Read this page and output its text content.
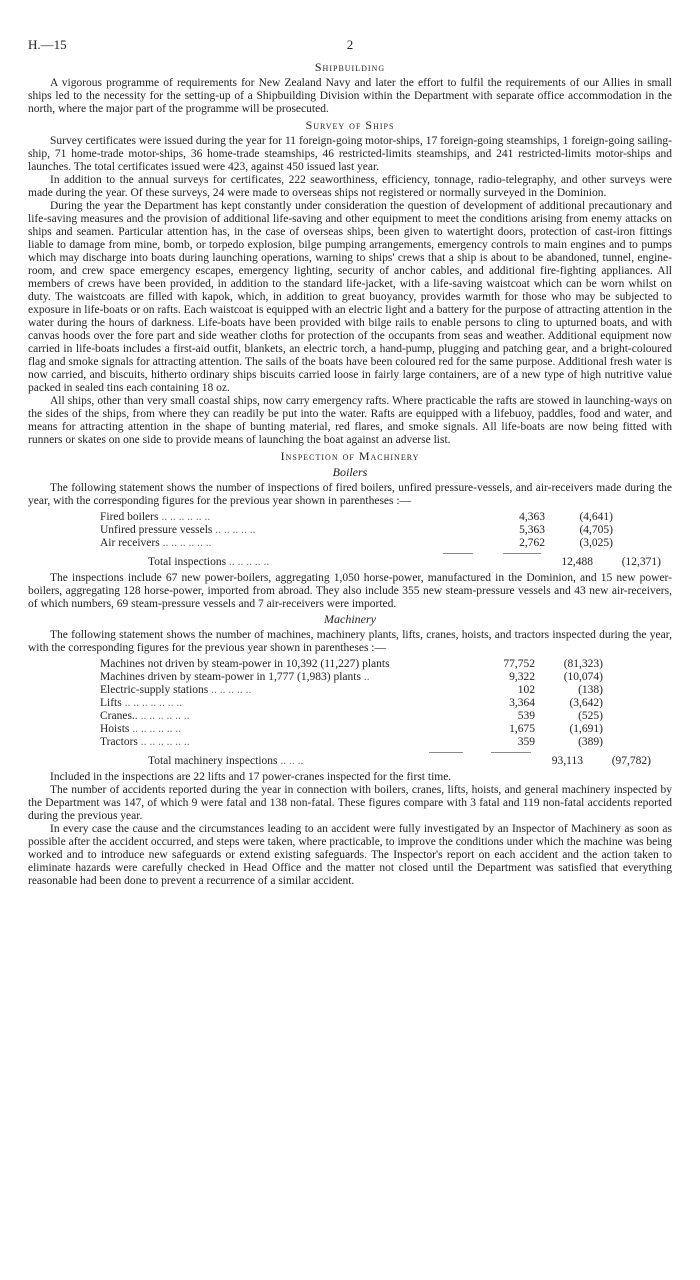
H.—15	2
Shipbuilding

A vigorous programme of requirements for New Zealand Navy and later the effort to fulfil the requirements of our Allies in small ships led to the necessity for the setting-up of a Shipbuilding Division within the Department with separate office accommodation in the north, where the major part of the programme will be prosecuted.

Survey of Ships

Survey certificates were issued during the year for 11 foreign-going motor-ships, 17 foreign-going steamships, 1 foreign-going sailing-ship, 71 home-trade motor-ships, 36 home-trade steamships, 46 restricted-limits steamships, and 241 restricted-limits motor-ships and launches. The total certificates issued were 423, against 450 issued last year.

In addition to the annual surveys for certificates, 222 seaworthiness, efficiency, tonnage, radio-telegraphy, and other surveys were made during the year. Of these surveys, 24 were made to overseas ships not registered or normally surveyed in the Dominion.

During the year the Department has kept constantly under consideration the question of development of additional precautionary and life-saving measures and the provision of additional life-saving and other equipment to meet the conditions arising from enemy attacks on ships and seamen. Particular attention has, in the case of overseas ships, been given to watertight doors, protection of cast-iron fittings liable to damage from mine, bomb, or torpedo explosion, bilge pumping arrangements, emergency controls to main engines and to pumps which may discharge into boats during launching operations, warning to ships' crews that a ship is about to be abandoned, tunnel, engine-room, and crew space emergency escapes, emergency lighting, security of anchor cables, and additional fire-fighting appliances. All members of crews have been provided, in addition to the standard life-jacket, with a life-saving waistcoat which can be worn whilst on duty. The waistcoats are filled with kapok, which, in addition to great buoyancy, provides warmth for those who may be subjected to exposure in life-boats or on rafts. Each waistcoat is equipped with an electric light and a battery for the purpose of attracting attention in the water during the hours of darkness. Life-boats have been provided with bilge rails to enable persons to cling to upturned boats, and with canvas hoods over the fore part and side weather cloths for protection of the occupants from seas and weather. Additional equipment now carried in life-boats includes a first-aid outfit, blankets, an electric torch, a hand-pump, plugging and patching gear, and a bright-coloured flag and smoke signals for attracting attention. The sails of the boats have been coloured red for the same purpose. Additional fresh water is now carried, and biscuits, hitherto ordinary ships biscuits carried loose in fairly large containers, are of a new type of high nutritive value packed in sealed tins each containing 18 oz.

All ships, other than very small coastal ships, now carry emergency rafts. Where practicable the rafts are stowed in launching-ways on the sides of the ships, from where they can readily be put into the water. Rafts are equipped with a lifebuoy, paddles, food and water, and means for attracting attention in the shape of bunting material, red flares, and smoke signals. All life-boats are now being fitted with runners or skates on one side to provide means of launching the boat against an adverse list.

Inspection of Machinery
Boilers

The following statement shows the number of inspections of fired boilers, unfired pressure-vessels, and air-receivers made during the year, with the corresponding figures for the previous year shown in parentheses :—

Fired boilers .. .. .. .. .. ..	4,363	(4,641)
Unfired pressure vessels .. .. .. .. ..	5,363	(4,705)
Air receivers .. .. .. .. .. ..	2,762	(3,025)
Total inspections .. .. .. .. ..	12,488	(12,371)

The inspections include 67 new power-boilers, aggregating 1,050 horse-power, manufactured in the Dominion, and 15 new power-boilers, aggregating 128 horse-power, imported from abroad. They also include 355 new steam-pressure vessels and 43 new air-receivers, of which numbers, 69 steam-pressure vessels and 7 air-receivers were imported.

Machinery

The following statement shows the number of machines, machinery plants, lifts, cranes, hoists, and tractors inspected during the year, with the corresponding figures for the previous year shown in parentheses :—

Machines not driven by steam-power in 10,392 (11,227) plants	77,752	(81,323)
Machines driven by steam-power in 1,777 (1,983) plants ..	9,322	(10,074)
Electric-supply stations .. .. .. .. ..	102	(138)
Lifts .. .. .. .. .. .. ..	3,364	(3,642)
Cranes.. .. .. .. .. .. ..	539	(525)
Hoists .. .. .. .. .. ..	1,675	(1,691)
Tractors .. .. .. .. .. ..	359	(389)
Total machinery inspections .. .. ..	93,113	(97,782)

Included in the inspections are 22 lifts and 17 power-cranes inspected for the first time.

The number of accidents reported during the year in connection with boilers, cranes, lifts, hoists, and general machinery inspected by the Department was 147, of which 9 were fatal and 138 non-fatal. These figures compare with 3 fatal and 119 non-fatal accidents reported during the previous year.

In every case the cause and the circumstances leading to an accident were fully investigated by an Inspector of Machinery as soon as possible after the accident occurred, and steps were taken, where practicable, to improve the conditions under which the machine was being worked and to introduce new safeguards or extend existing safeguards. The Inspector's report on each accident and the action taken to eliminate hazards were carefully checked in Head Office and the matter not closed until the Department was satisfied that everything reasonable had been done to prevent a recurrence of a similar accident.
